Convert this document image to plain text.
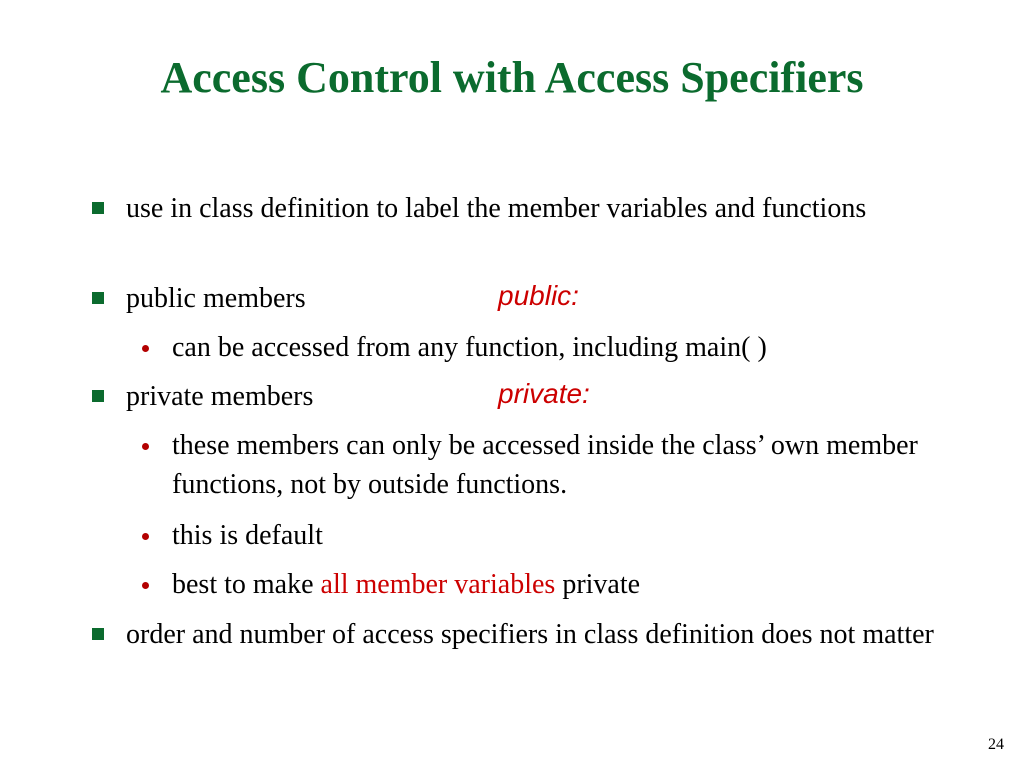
Access Control with Access Specifiers
use in class definition to label the member variables and functions
public members	public:
can be accessed from any function, including main( )
private members	private:
these members can only be accessed inside the class’ own member functions, not by outside functions.
this is default
best to make all member variables private
order and number of access specifiers in class definition does not matter
24
